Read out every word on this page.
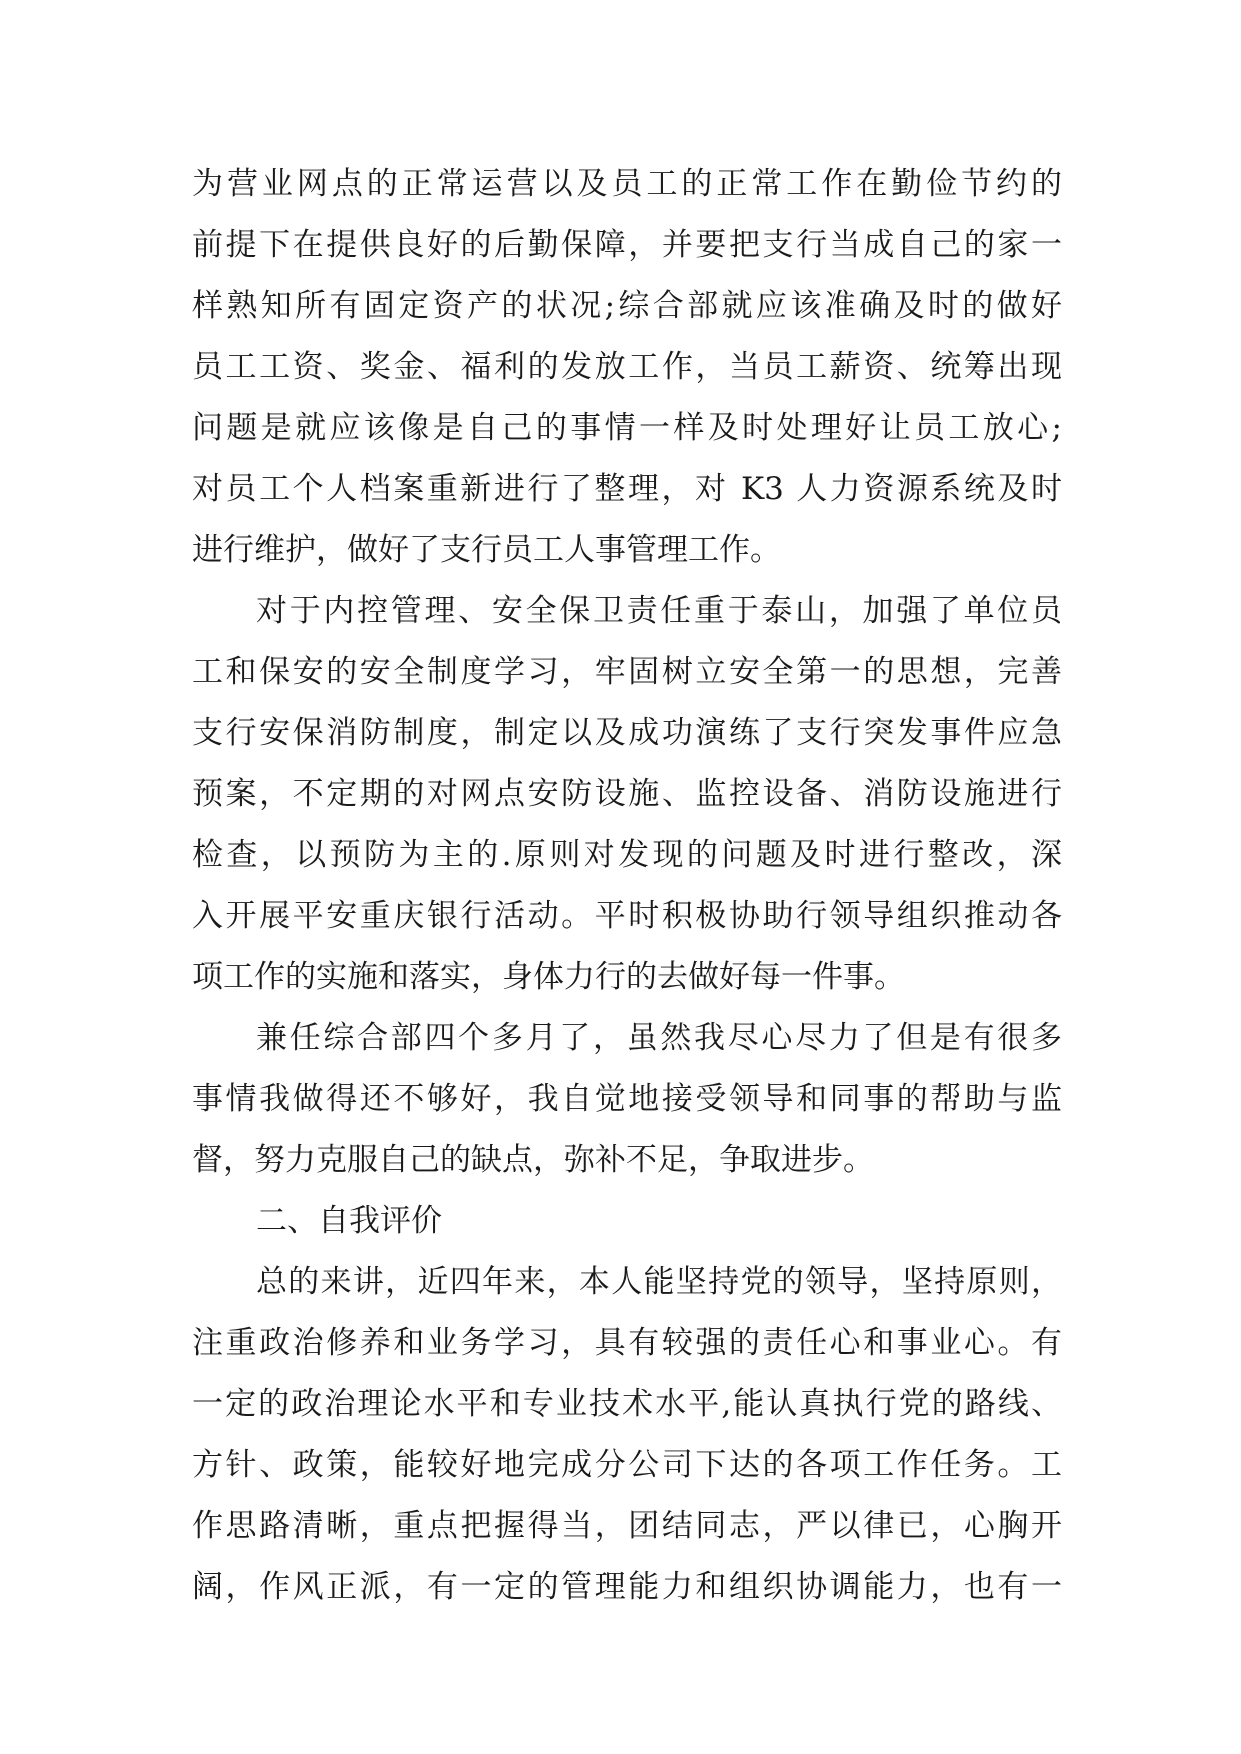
为营业网点的正常运营以及员工的正常工作在勤俭节约的
前提下在提供良好的后勤保障，并要把支行当成自己的家一
样熟知所有固定资产的状况;综合部就应该准确及时的做好
员工工资、奖金、福利的发放工作，当员工薪资、统筹出现
问题是就应该像是自己的事情一样及时处理好让员工放心;
对员工个人档案重新进行了整理，对 K3 人力资源系统及时
进行维护，做好了支行员工人事管理工作。
对于内控管理、安全保卫责任重于泰山，加强了单位员
工和保安的安全制度学习，牢固树立安全第一的思想，完善
支行安保消防制度，制定以及成功演练了支行突发事件应急
预案，不定期的对网点安防设施、监控设备、消防设施进行
检查，以预防为主的.原则对发现的问题及时进行整改，深
入开展平安重庆银行活动。平时积极协助行领导组织推动各
项工作的实施和落实，身体力行的去做好每一件事。
兼任综合部四个多月了，虽然我尽心尽力了但是有很多
事情我做得还不够好，我自觉地接受领导和同事的帮助与监
督，努力克服自己的缺点，弥补不足，争取进步。
二、自我评价
总的来讲，近四年来，本人能坚持党的领导，坚持原则，
注重政治修养和业务学习，具有较强的责任心和事业心。有
一定的政治理论水平和专业技术水平,能认真执行党的路线、
方针、政策，能较好地完成分公司下达的各项工作任务。工
作思路清晰，重点把握得当，团结同志，严以律已，心胸开
阔，作风正派，有一定的管理能力和组织协调能力，也有一
